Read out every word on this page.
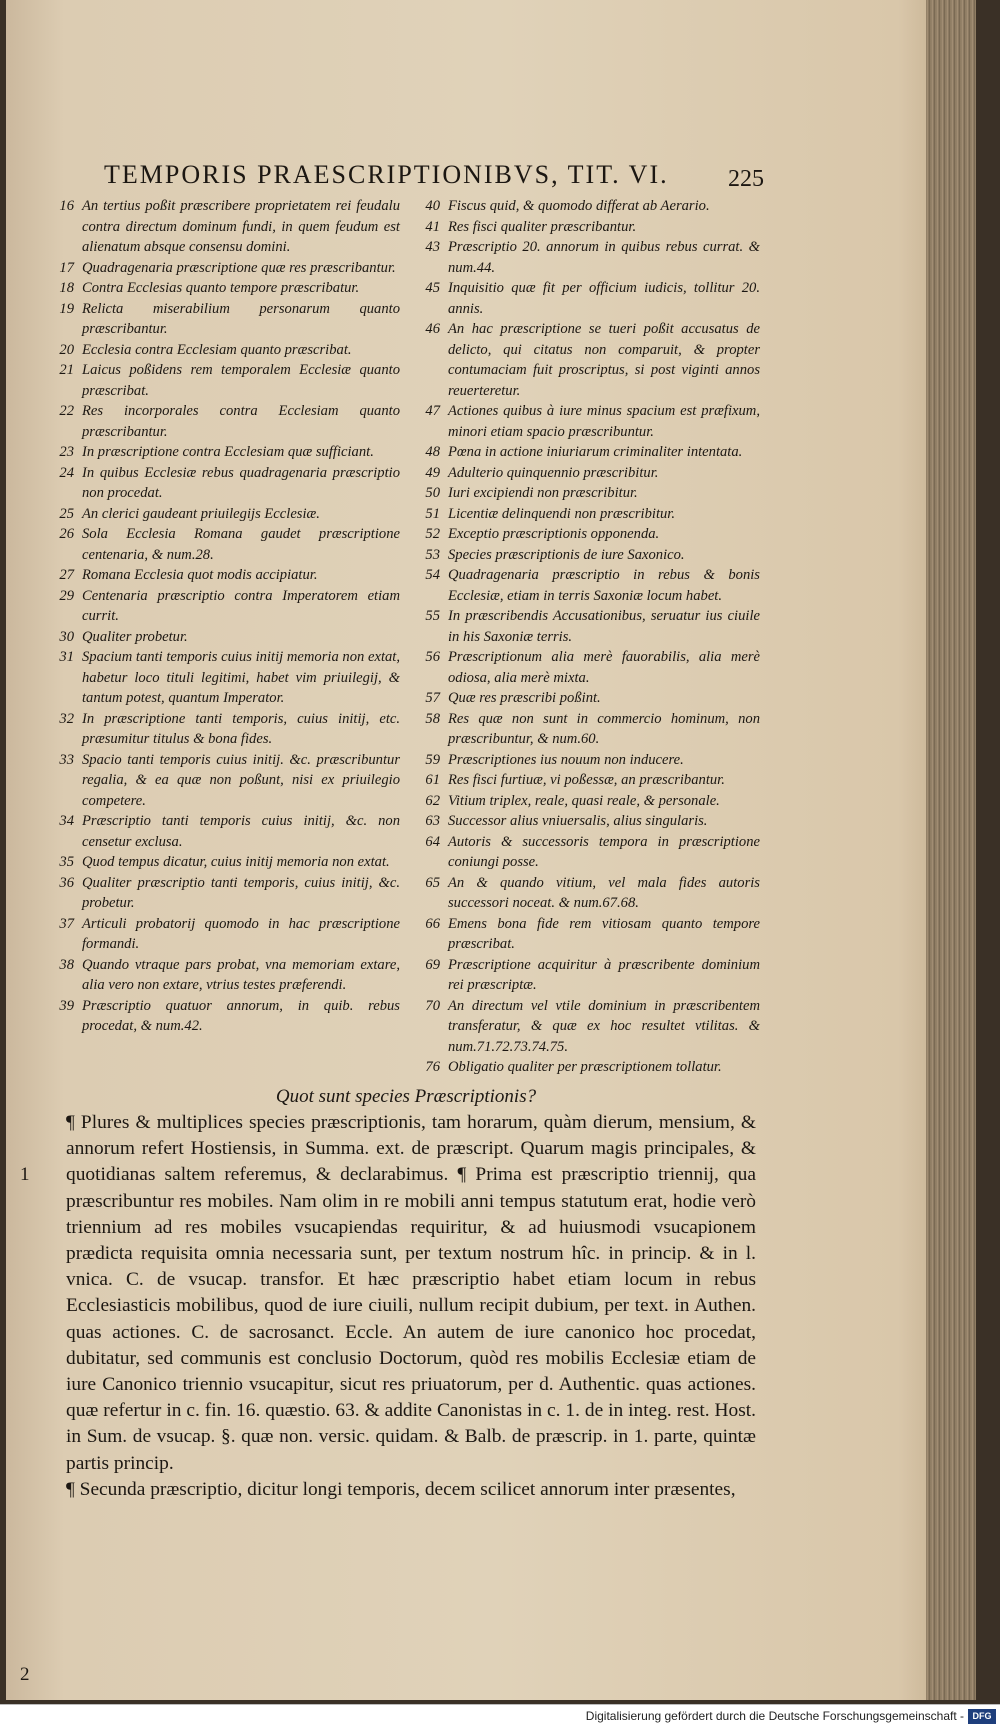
TEMPORIS PRAESCRIPTIONIBVS, TIT. VI.	225
16 An tertius poßit præscribere proprietatem rei feudalu contra directum dominum fundi, in quem feudum est alienatum absque consensu domini.
17 Quadragenaria præscriptione quæ res præscribantur.
18 Contra Ecclesias quanto tempore præscribatur.
19 Relicta miserabilium personarum quanto præscribantur.
20 Ecclesia contra Ecclesiam quanto præscribat.
21 Laicus poßidens rem temporalem Ecclesiæ quanto præscribat.
22 Res incorporales contra Ecclesiam quanto præscribantur.
23 In præscriptione contra Ecclesiam quæ sufficiant.
24 In quibus Ecclesiæ rebus quadragenaria præscriptio non procedat.
25 An clerici gaudeant priuilegijs Ecclesiæ.
26 Sola Ecclesia Romana gaudet præscriptione centenaria, & num.28.
27 Romana Ecclesia quot modis accipiatur.
29 Centenaria præscriptio contra Imperatorem etiam currit.
30 Qualiter probetur.
31 Spacium tanti temporis cuius initij memoria non extat, habetur loco tituli legitimi, habet vim priuilegij, & tantum potest, quantum Imperator.
32 In præscriptione tanti temporis, cuius initij, etc. præsumitur titulus & bona fides.
33 Spacio tanti temporis cuius initij. &c. præscribuntur regalia, & ea quæ non poßunt, nisi ex priuilegio competere.
34 Præscriptio tanti temporis cuius initij, &c. non censetur exclusa.
35 Quod tempus dicatur, cuius initij memoria non extat.
36 Qualiter præscriptio tanti temporis, cuius initij, &c. probetur.
37 Articuli probatorij quomodo in hac præscriptione formandi.
38 Quando vtraque pars probat, vna memoriam extare, alia vero non extare, vtrius testes præferendi.
39 Præscriptio quatuor annorum, in quib. rebus procedat, & num.42.
40 Fiscus quid, & quomodo differat ab Aerario.
41 Res fisci qualiter præscribantur.
43 Præscriptio 20. annorum in quibus rebus currat. & num.44.
45 Inquisitio quæ fit per officium iudicis, tollitur 20. annis.
46 An hac præscriptione se tueri poßit accusatus de delicto, qui citatus non comparuit, & propter contumaciam fuit proscriptus, si post viginti annos reuerteretur.
47 Actiones quibus à iure minus spacium est præfixum, minori etiam spacio præscribuntur.
48 Pœna in actione iniuriarum criminaliter intentata.
49 Adulterio quinquennio præscribitur.
50 Iuri excipiendi non præscribitur.
51 Licentiæ delinquendi non præscribitur.
52 Exceptio præscriptionis opponenda.
53 Species præscriptionis de iure Saxonico.
54 Quadragenaria præscriptio in rebus & bonis Ecclesiæ, etiam in terris Saxoniæ locum habet.
55 In præscribendis Accusationibus, seruatur ius ciuile in his Saxoniæ terris.
56 Præscriptionum alia merè fauorabilis, alia merè odiosa, alia merè mixta.
57 Quæ res præscribi poßint.
58 Res quæ non sunt in commercio hominum, non præscribuntur, & num.60.
59 Præscriptiones ius nouum non inducere.
61 Res fisci furtiuæ, vi poßessæ, an præscribantur.
62 Vitium triplex, reale, quasi reale, & personale.
63 Successor alius vniuersalis, alius singularis.
64 Autoris & successoris tempora in præscriptione coniungi posse.
65 An & quando vitium, vel mala fides autoris successori noceat. & num.67.68.
66 Emens bona fide rem vitiosam quanto tempore præscribat.
69 Præscriptione acquiritur à præscribente dominium rei præscriptæ.
70 An directum vel vtile dominium in præscribentem transferatur, & quæ ex hoc resultet vtilitas. & num.71.72.73.74.75.
76 Obligatio qualiter per præscriptionem tollatur.
Quot sunt species Præscriptionis?
1
2
¶ Plures & multiplices species præscriptionis, tam horarum, quàm dierum, mensium, & annorum refert Hostiensis, in Summa. ext. de præscript. Quarum magis principales, & quotidianas saltem referemus, & declarabimus. ¶ Prima est præscriptio triennij, qua præscribuntur res mobiles. Nam olim in re mobili anni tempus statutum erat, hodie verò triennium ad res mobiles vsucapiendas requiritur, & ad huiusmodi vsucapionem prædicta requisita omnia necessaria sunt, per textum nostrum hîc. in princip. & in l. vnica. C. de vsucap. transfor. Et hæc præscriptio habet etiam locum in rebus Ecclesiasticis mobilibus, quod de iure ciuili, nullum recipit dubium, per text. in Authen. quas actiones. C. de sacrosanct. Eccle. An autem de iure canonico hoc procedat, dubitatur, sed communis est conclusio Doctorum, quòd res mobilis Ecclesiæ etiam de iure Canonico triennio vsucapitur, sicut res priuatorum, per d. Authentic. quas actiones. quæ refertur in c. fin. 16. quæstio. 63. & addite Canonistas in c. 1. de in integ. rest. Host. in Sum. de vsucap. §. quæ non. versic. quidam. & Balb. de præscrip. in 1. parte, quintæ partis princip.
¶ Secunda præscriptio, dicitur longi temporis, decem scilicet annorum inter præsentes,
Digitalisierung gefördert durch die Deutsche Forschungsgemeinschaft - DFG
